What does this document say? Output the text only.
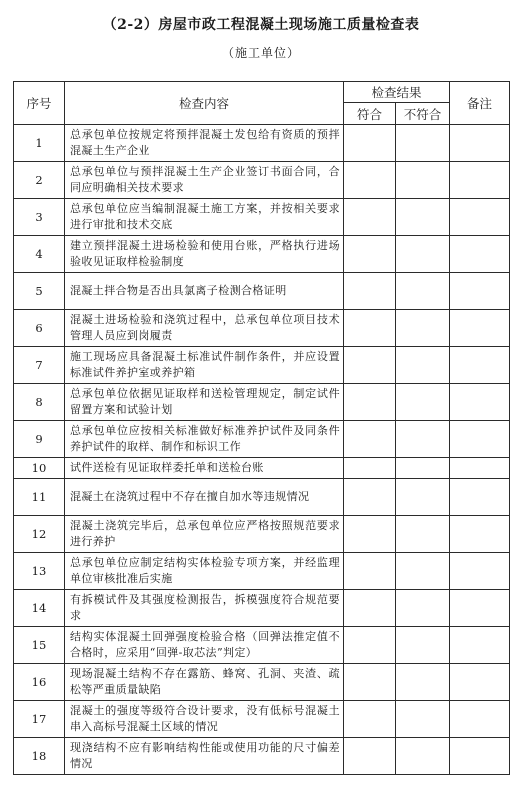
（2-2）房屋市政工程混凝土现场施工质量检查表
（施工单位）
序号	检查内容	检查结果		备注
		符合	不符合	
1	总承包单位按规定将预拌混凝土发包给有资质的预拌混凝土生产企业			
2	总承包单位与预拌混凝土生产企业签订书面合同，合同应明确相关技术要求			
3	总承包单位应当编制混凝土施工方案，并按相关要求进行审批和技术交底			
4	建立预拌混凝土进场检验和使用台账，严格执行进场验收见证取样检验制度			
5	混凝土拌合物是否出具氯离子检测合格证明			
6	混凝土进场检验和浇筑过程中，总承包单位项目技术管理人员应到岗履责			
7	施工现场应具备混凝土标准试件制作条件，并应设置标准试件养护室或养护箱			
8	总承包单位依据见证取样和送检管理规定，制定试件留置方案和试验计划			
9	总承包单位应按相关标准做好标准养护试件及同条件养护试件的取样、制作和标识工作			
10	试件送检有见证取样委托单和送检台账			
11	混凝土在浇筑过程中不存在擅自加水等违规情况			
12	混凝土浇筑完毕后，总承包单位应严格按照规范要求进行养护			
13	总承包单位应制定结构实体检验专项方案，并经监理单位审核批准后实施			
14	有拆模试件及其强度检测报告，拆模强度符合规范要求			
15	结构实体混凝土回弹强度检验合格（回弹法推定值不合格时，应采用“回弹-取芯法”判定）			
16	现场混凝土结构不存在露筋、蜂窝、孔洞、夹渣、疏松等严重质量缺陷			
17	混凝土的强度等级符合设计要求，没有低标号混凝土串入高标号混凝土区域的情况			
18	现浇结构不应有影响结构性能或使用功能的尺寸偏差情况			
